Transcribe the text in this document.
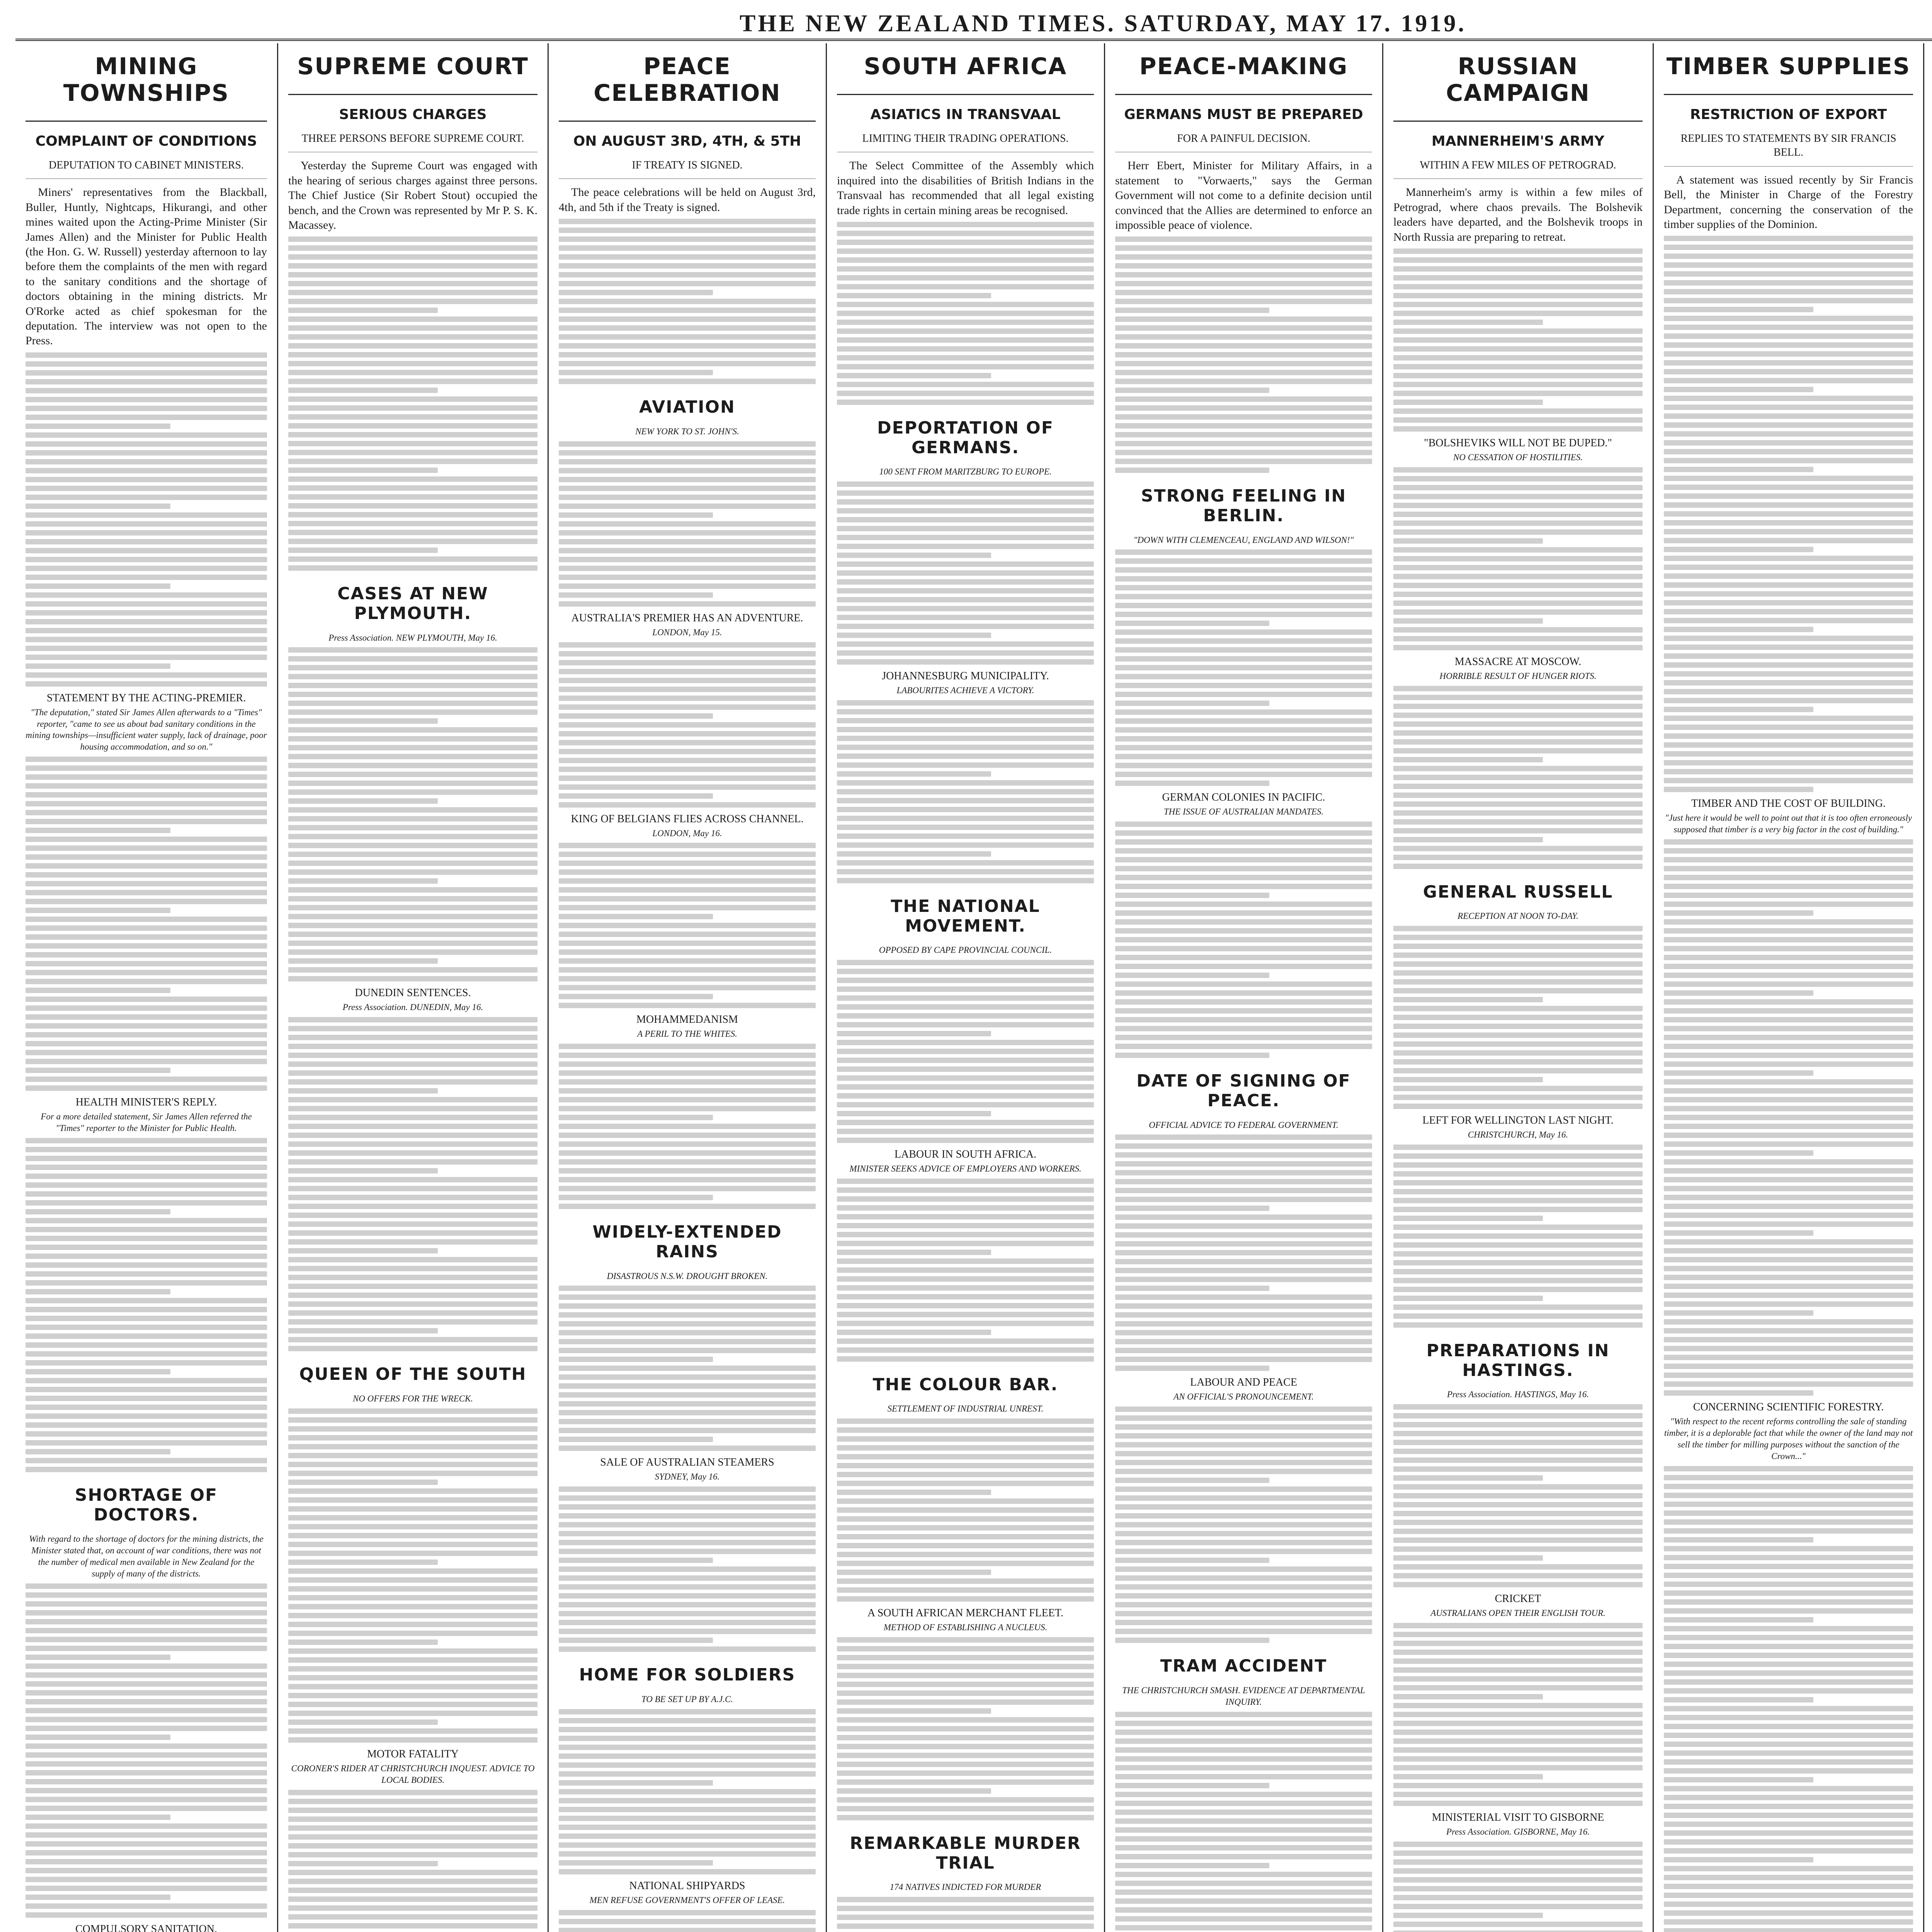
THE NEW ZEALAND TIMES. SATURDAY, MAY 17. 1919.
MINING TOWNSHIPS
COMPLAINT OF CONDITIONS
DEPUTATION TO CABINET MINISTERS.

Miners' representatives from the Blackball, Buller, Huntly, Nightcaps, Hikurangi, and other mines waited upon the Acting-Prime Minister (Sir James Allen) and the Minister for Public Health (the Hon. G. W. Russell) yesterday afternoon to lay before them the complaints of the men with regard to the sanitary conditions and the shortage of doctors obtaining in the mining districts. Mr O'Rorke acted as chief spokesman for the deputation. The interview was not open to the Press.

STATEMENT BY THE ACTING-PREMIER.

"The deputation," stated Sir James Allen afterwards to a "Times" reporter, "came to see us about bad sanitary conditions in the mining townships—insufficient water supply, lack of drainage, poor housing accommodation, and so on."

HEALTH MINISTER'S REPLY.

For a more detailed statement, Sir James Allen referred the "Times" reporter to the Minister for Public Health.

SHORTAGE OF DOCTORS.

With regard to the shortage of doctors for the mining districts, the Minister stated that, on account of war conditions, there was not the number of medical men available in New Zealand for the supply of many of the districts.

COMPULSORY SANITATION.

SUPREME COURT
SERIOUS CHARGES
THREE PERSONS BEFORE SUPREME COURT.

Yesterday the Supreme Court was engaged with the hearing of serious charges against three persons. The Chief Justice (Sir Robert Stout) occupied the bench, and the Crown was represented by Mr P. S. K. Macassey.

CASES AT NEW PLYMOUTH.

Press Association. NEW PLYMOUTH, May 16.

DUNEDIN SENTENCES.

Press Association. DUNEDIN, May 16.

QUEEN OF THE SOUTH

NO OFFERS FOR THE WRECK.

MOTOR FATALITY

CORONER'S RIDER AT CHRISTCHURCH INQUEST. ADVICE TO LOCAL BODIES.

PEACE CELEBRATION
ON AUGUST 3RD, 4TH, & 5TH
IF TREATY IS SIGNED.

The peace celebrations will be held on August 3rd, 4th, and 5th if the Treaty is signed.

AVIATION

NEW YORK TO ST. JOHN'S.

AUSTRALIA'S PREMIER HAS AN ADVENTURE.

LONDON, May 15.

KING OF BELGIANS FLIES ACROSS CHANNEL.

LONDON, May 16.

MOHAMMEDANISM

A PERIL TO THE WHITES.

WIDELY-EXTENDED RAINS

DISASTROUS N.S.W. DROUGHT BROKEN.

SALE OF AUSTRALIAN STEAMERS

SYDNEY, May 16.

HOME FOR SOLDIERS

TO BE SET UP BY A.J.C.

NATIONAL SHIPYARDS

MEN REFUSE GOVERNMENT'S OFFER OF LEASE.

SOUTH AFRICA
ASIATICS IN TRANSVAAL
LIMITING THEIR TRADING OPERATIONS.

The Select Committee of the Assembly which inquired into the disabilities of British Indians in the Transvaal has recommended that all legal existing trade rights in certain mining areas be recognised.

DEPORTATION OF GERMANS.

100 SENT FROM MARITZBURG TO EUROPE.

JOHANNESBURG MUNICIPALITY.

LABOURITES ACHIEVE A VICTORY.

THE NATIONAL MOVEMENT.

OPPOSED BY CAPE PROVINCIAL COUNCIL.

LABOUR IN SOUTH AFRICA.

MINISTER SEEKS ADVICE OF EMPLOYERS AND WORKERS.

THE COLOUR BAR.

SETTLEMENT OF INDUSTRIAL UNREST.

A SOUTH AFRICAN MERCHANT FLEET.

METHOD OF ESTABLISHING A NUCLEUS.

REMARKABLE MURDER TRIAL

174 NATIVES INDICTED FOR MURDER

PEACE-MAKING
GERMANS MUST BE PREPARED
FOR A PAINFUL DECISION.

Herr Ebert, Minister for Military Affairs, in a statement to "Vorwaerts," says the German Government will not come to a definite decision until convinced that the Allies are determined to enforce an impossible peace of violence.

STRONG FEELING IN BERLIN.

"DOWN WITH CLEMENCEAU, ENGLAND AND WILSON!"

GERMAN COLONIES IN PACIFIC.

THE ISSUE OF AUSTRALIAN MANDATES.

DATE OF SIGNING OF PEACE.

OFFICIAL ADVICE TO FEDERAL GOVERNMENT.

LABOUR AND PEACE

AN OFFICIAL'S PRONOUNCEMENT.

TRAM ACCIDENT

THE CHRISTCHURCH SMASH. EVIDENCE AT DEPARTMENTAL INQUIRY.

RUSSIAN CAMPAIGN
MANNERHEIM'S ARMY
WITHIN A FEW MILES OF PETROGRAD.

Mannerheim's army is within a few miles of Petrograd, where chaos prevails. The Bolshevik leaders have departed, and the Bolshevik troops in North Russia are preparing to retreat.

"BOLSHEVIKS WILL NOT BE DUPED."

NO CESSATION OF HOSTILITIES.

MASSACRE AT MOSCOW.

HORRIBLE RESULT OF HUNGER RIOTS.

GENERAL RUSSELL

RECEPTION AT NOON TO-DAY.

LEFT FOR WELLINGTON LAST NIGHT.

CHRISTCHURCH, May 16.

PREPARATIONS IN HASTINGS.

Press Association. HASTINGS, May 16.

CRICKET

AUSTRALIANS OPEN THEIR ENGLISH TOUR.

MINISTERIAL VISIT TO GISBORNE

Press Association. GISBORNE, May 16.

TIMBER SUPPLIES
RESTRICTION OF EXPORT
REPLIES TO STATEMENTS BY SIR FRANCIS BELL.

A statement was issued recently by Sir Francis Bell, the Minister in Charge of the Forestry Department, concerning the conservation of the timber supplies of the Dominion.

TIMBER AND THE COST OF BUILDING.

"Just here it would be well to point out that it is too often erroneously supposed that timber is a very big factor in the cost of building."

CONCERNING SCIENTIFIC FORESTRY.

"With respect to the recent reforms controlling the sale of standing timber, it is a deplorable fact that while the owner of the land may not sell the timber for milling purposes without the sanction of the Crown..."
